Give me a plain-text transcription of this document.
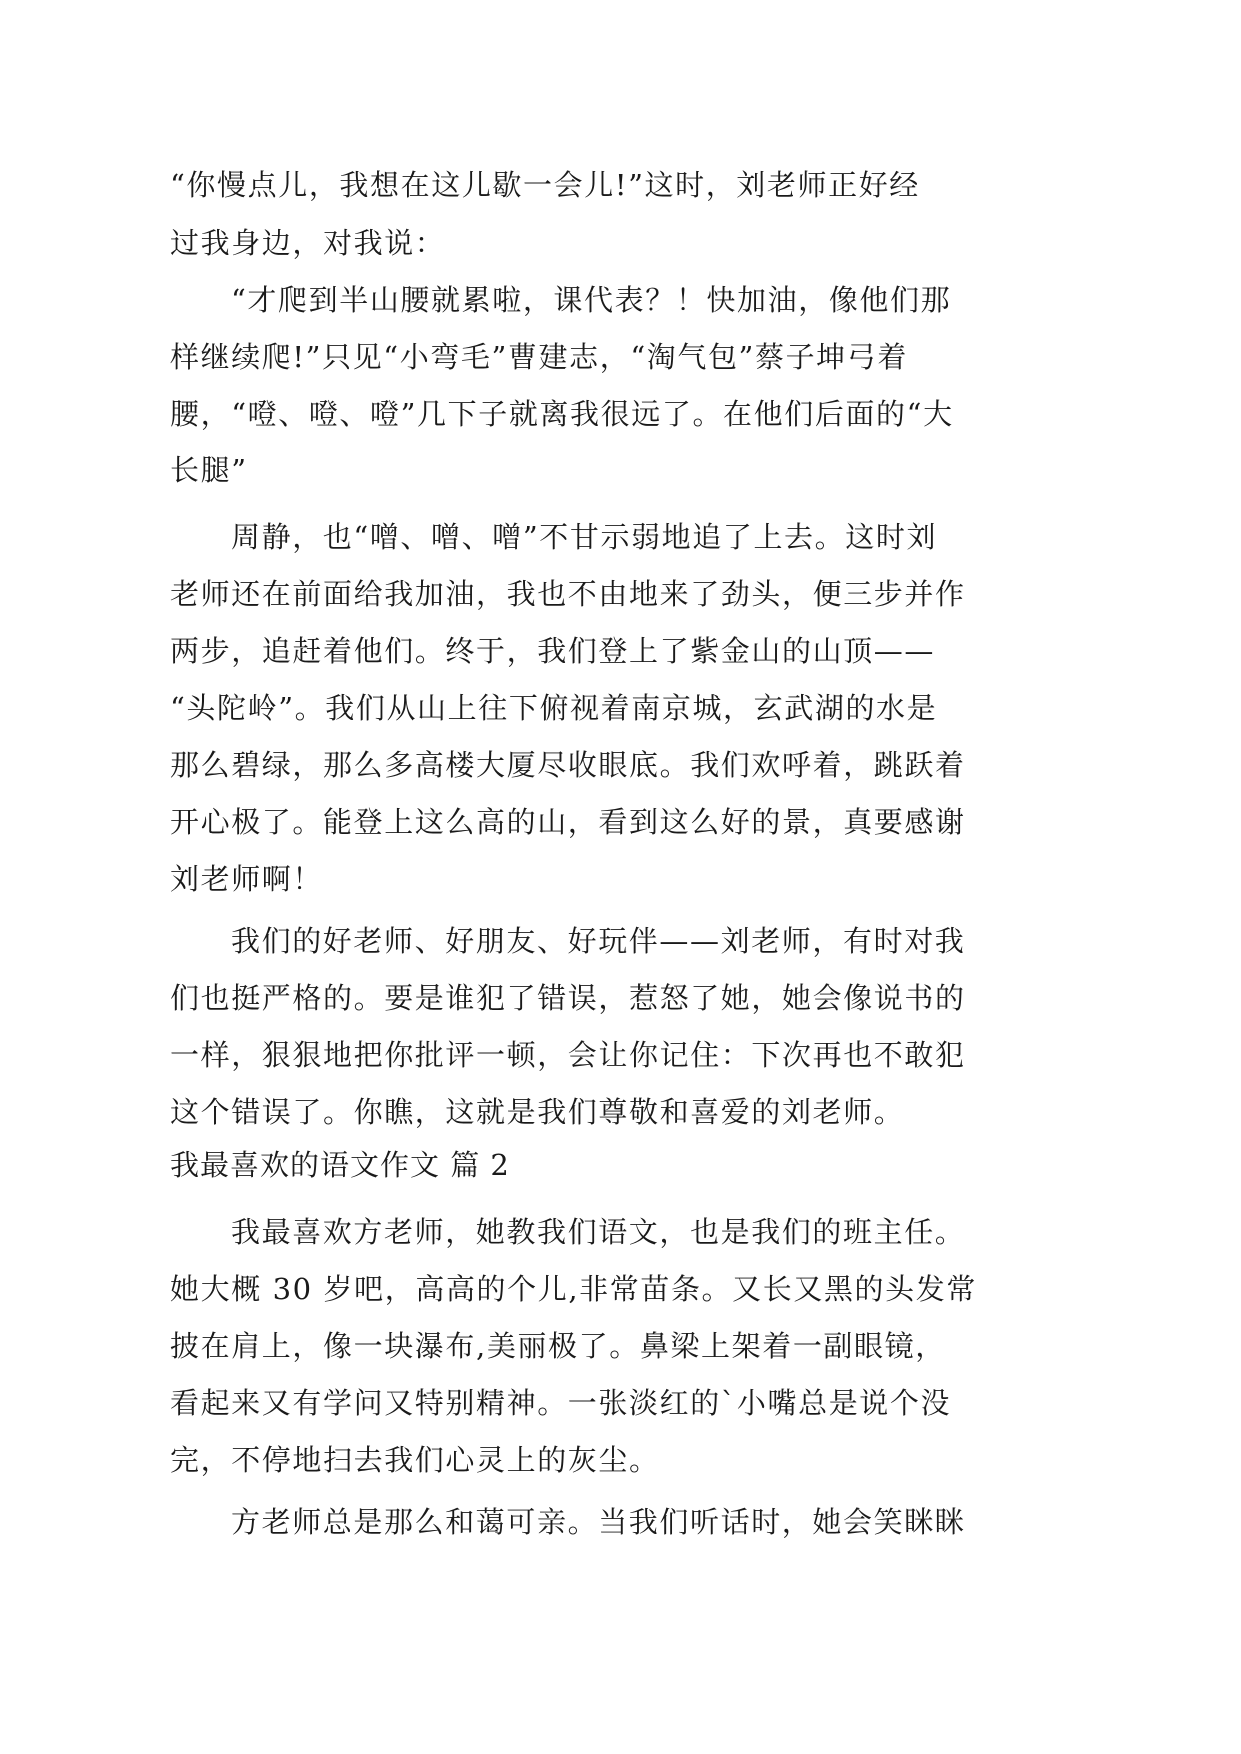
“你慢点儿，我想在这儿歇一会儿!”这时，刘老师正好经
过我身边，对我说：
“才爬到半山腰就累啦，课代表？！快加油，像他们那
样继续爬!”只见“小弯毛”曹建志，“淘气包”蔡子坤弓着
腰，“噔、噔、噔”几下子就离我很远了。在他们后面的“大
长腿”
周静，也“噌、噌、噌”不甘示弱地追了上去。这时刘
老师还在前面给我加油，我也不由地来了劲头，便三步并作
两步，追赶着他们。终于，我们登上了紫金山的山顶——
“头陀岭”。我们从山上往下俯视着南京城，玄武湖的水是
那么碧绿，那么多高楼大厦尽收眼底。我们欢呼着，跳跃着
开心极了。能登上这么高的山，看到这么好的景，真要感谢
刘老师啊！
我们的好老师、好朋友、好玩伴——刘老师，有时对我
们也挺严格的。要是谁犯了错误，惹怒了她，她会像说书的
一样，狠狠地把你批评一顿，会让你记住：下次再也不敢犯
这个错误了。你瞧，这就是我们尊敬和喜爱的刘老师。
我最喜欢的语文作文 篇 2
我最喜欢方老师，她教我们语文，也是我们的班主任。
她大概 30 岁吧，高高的个儿,非常苗条。又长又黑的头发常
披在肩上，像一块瀑布,美丽极了。鼻梁上架着一副眼镜，
看起来又有学问又特别精神。一张淡红的`小嘴总是说个没
完，不停地扫去我们心灵上的灰尘。
方老师总是那么和蔼可亲。当我们听话时，她会笑眯眯
